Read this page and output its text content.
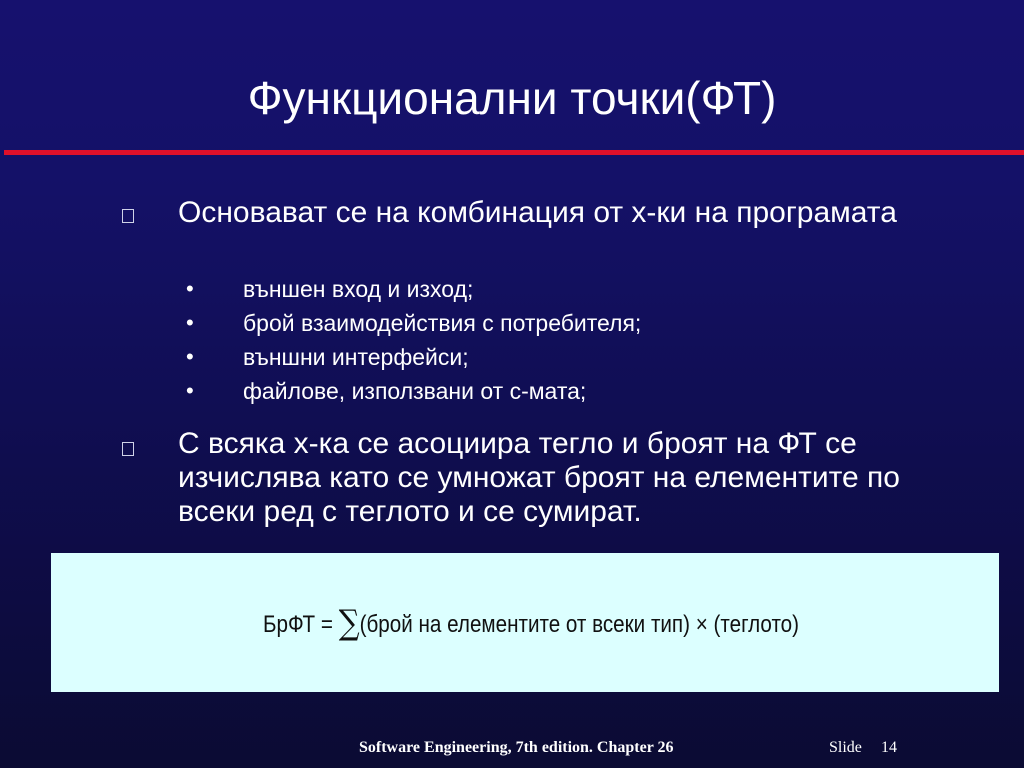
Функционални точки(ФТ)
Основават се на комбинация от х-ки на програмата
• външен вход и изход;
• брой взаимодействия с потребителя;
• външни интерфейси;
• файлове, използвани от с-мата;
С всяка х-ка се асоциира тегло и броят на ФТ се изчислява като се умножат броят на елементите по всеки ред с теглото и се сумират.
БрФТ = ∑(брой на елементите от всеки тип) × (теглото)
Software Engineering, 7th edition. Chapter 26	Slide 14
